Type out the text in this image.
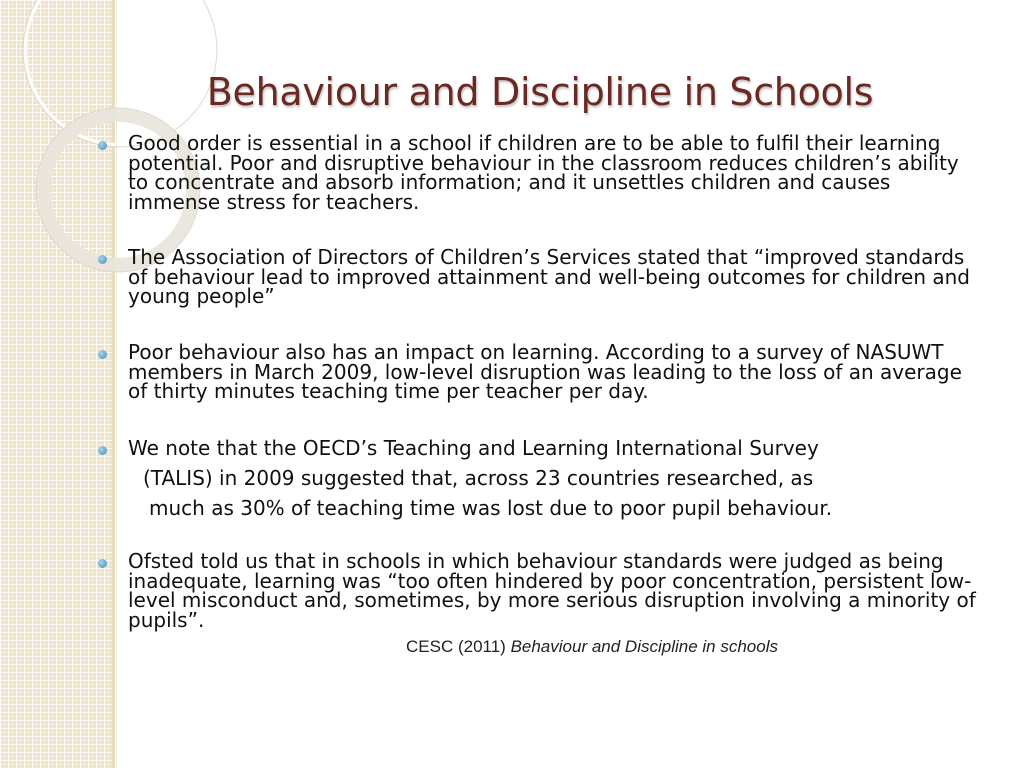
Behaviour and Discipline in Schools

Good order is essential in a school if children are to be able to fulfil their learning potential. Poor and disruptive behaviour in the classroom reduces children’s ability to concentrate and absorb information; and it unsettles children and causes immense stress for teachers.

The Association of Directors of Children’s Services stated that “improved standards of behaviour lead to improved attainment and well-being outcomes for children and young people”

Poor behaviour also has an impact on learning. According to a survey of NASUWT members in March 2009, low-level disruption was leading to the loss of an average of thirty minutes teaching time per teacher per day.

We note that the OECD’s Teaching and Learning International Survey
(TALIS) in 2009 suggested that, across 23 countries researched, as
much as 30% of teaching time was lost due to poor pupil behaviour.

Ofsted told us that in schools in which behaviour standards were judged as being inadequate, learning was “too often hindered by poor concentration, persistent low-level misconduct and, sometimes, by more serious disruption involving a minority of pupils”.

CESC (2011) Behaviour and Discipline in schools
